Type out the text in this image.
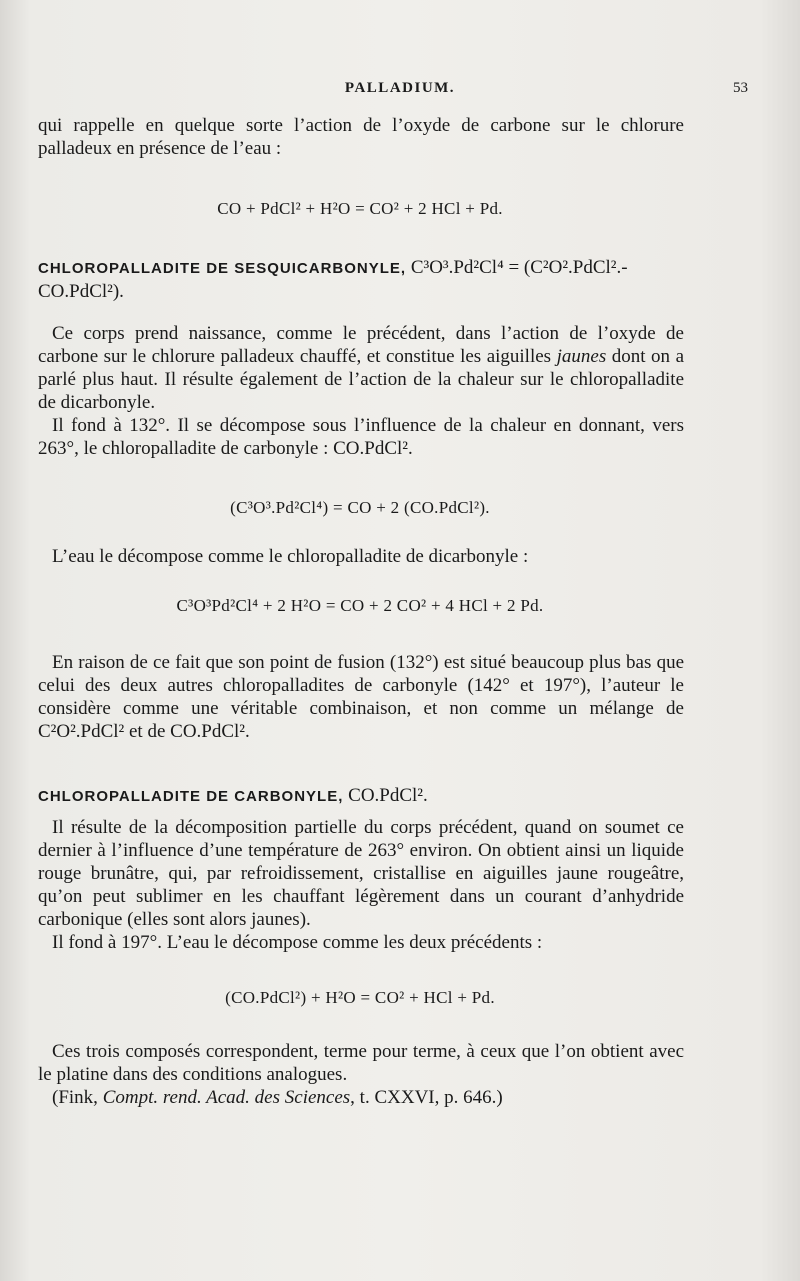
PALLADIUM.	53

qui rappelle en quelque sorte l’action de l’oxyde de carbone sur le chlorure palladeux en présence de l’eau :

CO + PdCl² + H²O = CO² + 2 HCl + Pd.
CHLOROPALLADITE DE SESQUICARBONYLE, C³O³.Pd²Cl⁴ = (C²O².PdCl².-CO.PdCl²).

Ce corps prend naissance, comme le précédent, dans l’action de l’oxyde de carbone sur le chlorure palladeux chauffé, et constitue les aiguilles jaunes dont on a parlé plus haut. Il résulte également de l’action de la chaleur sur le chloropalladite de dicarbonyle.

Il fond à 132°. Il se décompose sous l’influence de la chaleur en donnant, vers 263°, le chloropalladite de carbonyle : CO.PdCl².

(C³O³.Pd²Cl⁴) = CO + 2 (CO.PdCl²).

L’eau le décompose comme le chloropalladite de dicarbonyle :

C³O³Pd²Cl⁴ + 2 H²O = CO + 2 CO² + 4 HCl + 2 Pd.

En raison de ce fait que son point de fusion (132°) est situé beaucoup plus bas que celui des deux autres chloropalladites de carbonyle (142° et 197°), l’auteur le considère comme une véritable combinaison, et non comme un mélange de C²O².PdCl² et de CO.PdCl².

CHLOROPALLADITE DE CARBONYLE, CO.PdCl².

Il résulte de la décomposition partielle du corps précédent, quand on soumet ce dernier à l’influence d’une température de 263° environ. On obtient ainsi un liquide rouge brunâtre, qui, par refroidissement, cristallise en aiguilles jaune rougeâtre, qu’on peut sublimer en les chauffant légèrement dans un courant d’anhydride carbonique (elles sont alors jaunes).

Il fond à 197°. L’eau le décompose comme les deux précédents :

(CO.PdCl²) + H²O = CO² + HCl + Pd.

Ces trois composés correspondent, terme pour terme, à ceux que l’on obtient avec le platine dans des conditions analogues.

(Fink, Compt. rend. Acad. des Sciences, t. CXXVI, p. 646.)
